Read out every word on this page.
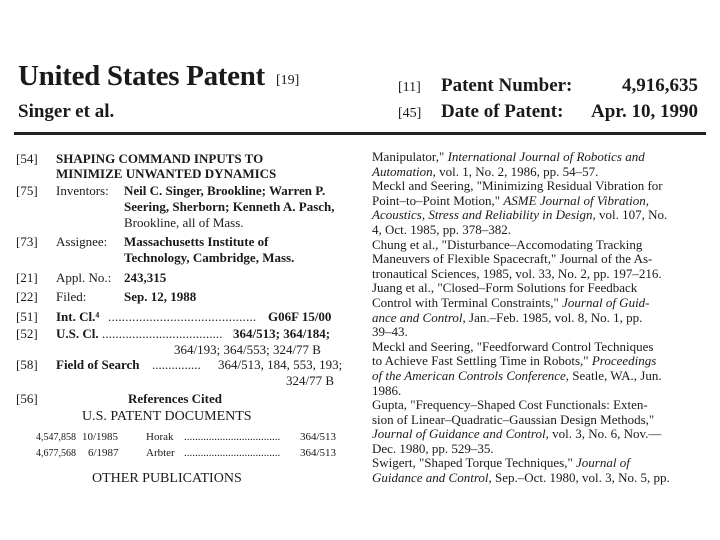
United States Patent [19]
Singer et al.
[11] Patent Number:	4,916,635
[45] Date of Patent: Apr. 10, 1990
[54] SHAPING COMMAND INPUTS TO
MINIMIZE UNWANTED DYNAMICS
[75] Inventors: Neil C. Singer, Brookline; Warren P.
Seering, Sherborn; Kenneth A. Pasch,
Brookline, all of Mass.
[73] Assignee: Massachusetts Institute of
Technology, Cambridge, Mass.
[21] Appl. No.: 243,315
[22] Filed:	Sep. 12, 1988
[51] Int. Cl.⁴ ........................................... G06F 15/00
[52] U.S. Cl. .................................... 364/513; 364/184;
364/193; 364/553; 324/77 B
[58] Field of Search ............... 364/513, 184, 553, 193;
324/77 B
[56]	References Cited
U.S. PATENT DOCUMENTS
4,547,858 10/1985	Horak ................................... 364/513
4,677,568 6/1987 Arbter ................................... 364/513
OTHER PUBLICATIONS
Manipulator," International Journal of Robotics and
Automation, vol. 1, No. 2, 1986, pp. 54–57.
Meckl and Seering, "Minimizing Residual Vibration for
Point–to–Point Motion," ASME Journal of Vibration,
Acoustics, Stress and Reliability in Design, vol. 107, No.
4, Oct. 1985, pp. 378–382.
Chung et al., "Disturbance–Accomodating Tracking
Maneuvers of Flexible Spacecraft," Journal of the As-
tronautical Sciences, 1985, vol. 33, No. 2, pp. 197–216.
Juang et al., "Closed–Form Solutions for Feedback
Control with Terminal Constraints," Journal of Guid-
ance and Control, Jan.–Feb. 1985, vol. 8, No. 1, pp.
39–43.
Meckl and Seering, "Feedforward Control Techniques
to Achieve Fast Settling Time in Robots," Proceedings
of the American Controls Conference, Seatle, WA., Jun.
1986.
Gupta, "Frequency–Shaped Cost Functionals: Exten-
sion of Linear–Quadratic–Gaussian Design Methods,"
Journal of Guidance and Control, vol. 3, No. 6, Nov.—
Dec. 1980, pp. 529–35.
Swigert, "Shaped Torque Techniques," Journal of
Guidance and Control, Sep.–Oct. 1980, vol. 3, No. 5, pp.
